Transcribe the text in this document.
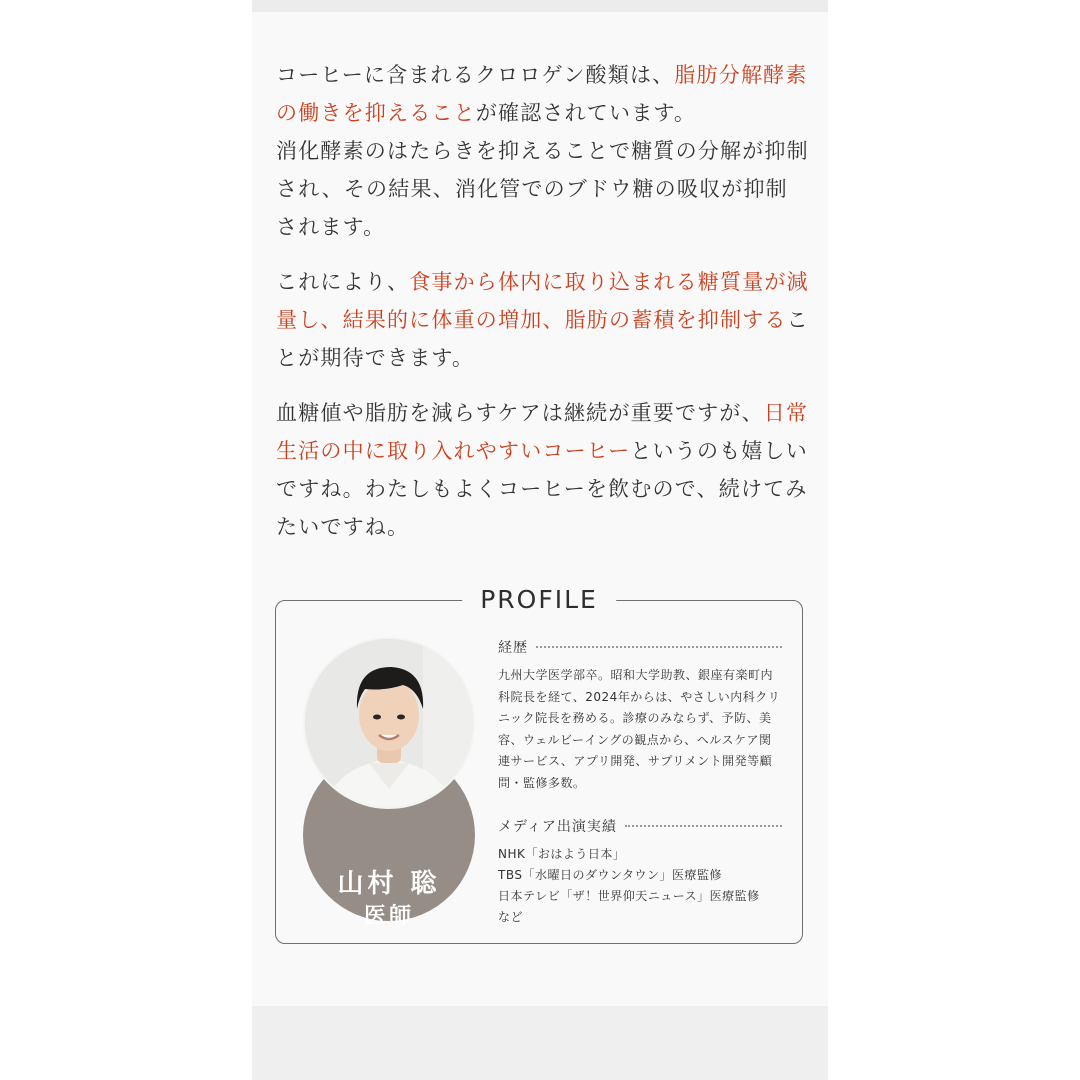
コーヒーに含まれるクロロゲン酸類は、脂肪分解酵素の働きを抑えることが確認されています。
消化酵素のはたらきを抑えることで糖質の分解が抑制され、その結果、消化管でのブドウ糖の吸収が抑制されます。

これにより、食事から体内に取り込まれる糖質量が減量し、結果的に体重の増加、脂肪の蓄積を抑制することが期待できます。

血糖値や脂肪を減らすケアは継続が重要ですが、日常生活の中に取り入れやすいコーヒーというのも嬉しいですね。わたしもよくコーヒーを飲むので、続けてみたいですね。

PROFILE
山村 聡
医師
経歴

九州大学医学部卒。昭和大学助教、銀座有楽町内科院長を経て、2024年からは、やさしい内科クリニック院長を務める。診療のみならず、予防、美容、ウェルビーイングの観点から、ヘルスケア関連サービス、アプリ開発、サプリメント開発等顧問・監修多数。

メディア出演実績
NHK「おはよう日本」
TBS「水曜日のダウンタウン」医療監修
日本テレビ「ザ！世界仰天ニュース」医療監修
など
